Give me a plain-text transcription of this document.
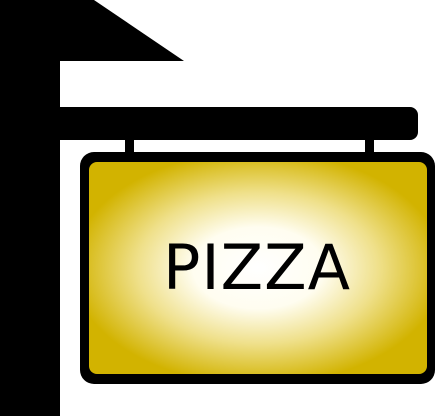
PIZZA
